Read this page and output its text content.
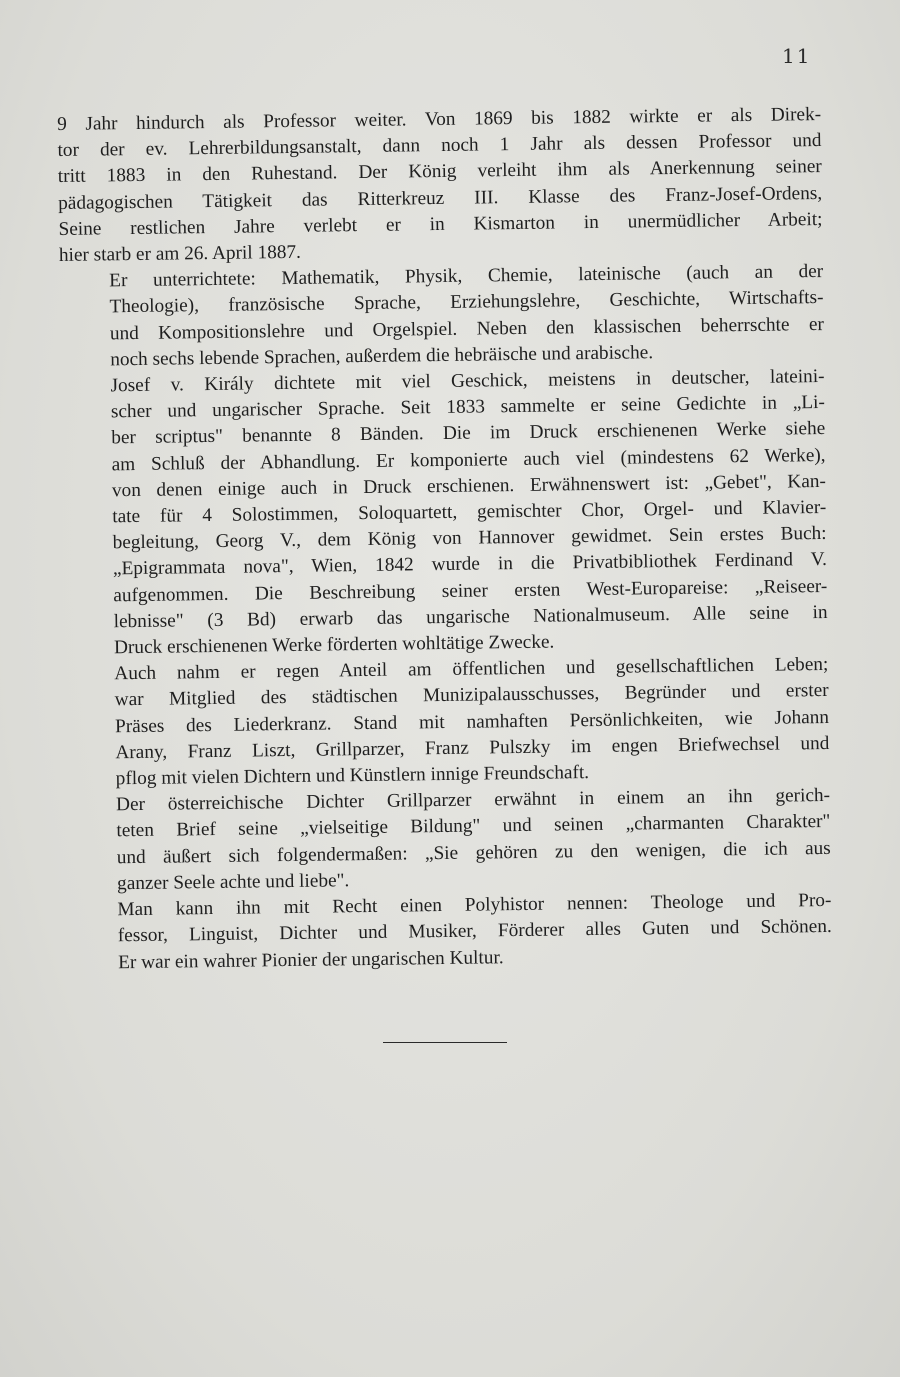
11

9 Jahr hindurch als Professor weiter. Von 1869 bis 1882 wirkte er als Direk-
tor der ev. Lehrerbildungsanstalt, dann noch 1 Jahr als dessen Professor und
tritt 1883 in den Ruhestand. Der König verleiht ihm als Anerkennung seiner
pädagogischen Tätigkeit das Ritterkreuz III. Klasse des Franz-Josef-Ordens,
Seine restlichen Jahre verlebt er in Kismarton in unermüdlicher Arbeit;
hier starb er am 26. April 1887.

Er unterrichtete: Mathematik, Physik, Chemie, lateinische (auch an der
Theologie), französische Sprache, Erziehungslehre, Geschichte, Wirtschafts-
und Kompositionslehre und Orgelspiel. Neben den klassischen beherrschte er
noch sechs lebende Sprachen, außerdem die hebräische und arabische.

Josef v. Király dichtete mit viel Geschick, meistens in deutscher, lateini-
scher und ungarischer Sprache. Seit 1833 sammelte er seine Gedichte in „Li-
ber scriptus" benannte 8 Bänden. Die im Druck erschienenen Werke siehe
am Schluß der Abhandlung. Er komponierte auch viel (mindestens 62 Werke),
von denen einige auch in Druck erschienen. Erwähnenswert ist: „Gebet", Kan-
tate für 4 Solostimmen, Soloquartett, gemischter Chor, Orgel- und Klavier-
begleitung, Georg V., dem König von Hannover gewidmet. Sein erstes Buch:
„Epigrammata nova", Wien, 1842 wurde in die Privatbibliothek Ferdinand V.
aufgenommen. Die Beschreibung seiner ersten West-Europareise: „Reiseer-
lebnisse" (3 Bd) erwarb das ungarische Nationalmuseum. Alle seine in
Druck erschienenen Werke förderten wohltätige Zwecke.

Auch nahm er regen Anteil am öffentlichen und gesellschaftlichen Leben;
war Mitglied des städtischen Munizipalausschusses, Begründer und erster
Präses des Liederkranz. Stand mit namhaften Persönlichkeiten, wie Johann
Arany, Franz Liszt, Grillparzer, Franz Pulszky im engen Briefwechsel und
pflog mit vielen Dichtern und Künstlern innige Freundschaft.

Der österreichische Dichter Grillparzer erwähnt in einem an ihn gerich-
teten Brief seine „vielseitige Bildung" und seinen „charmanten Charakter"
und äußert sich folgendermaßen: „Sie gehören zu den wenigen, die ich aus
ganzer Seele achte und liebe".

Man kann ihn mit Recht einen Polyhistor nennen: Theologe und Pro-
fessor, Linguist, Dichter und Musiker, Förderer alles Guten und Schönen.
Er war ein wahrer Pionier der ungarischen Kultur.
